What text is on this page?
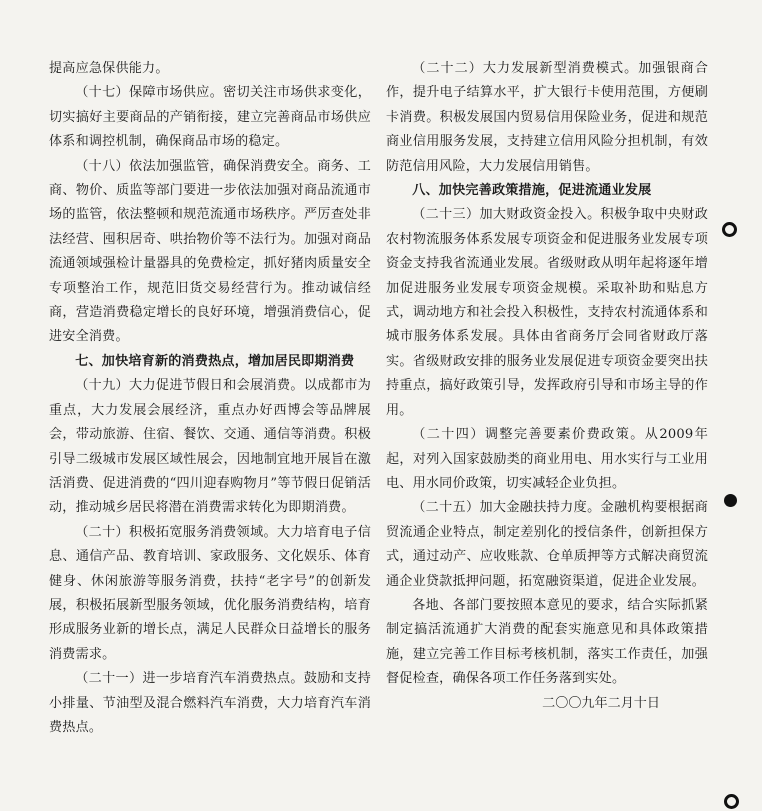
提高应急保供能力。

（十七）保障市场供应。密切关注市场供求变化，切实搞好主要商品的产销衔接，建立完善商品市场供应体系和调控机制，确保商品市场的稳定。

（十八）依法加强监管，确保消费安全。商务、工商、物价、质监等部门要进一步依法加强对商品流通市场的监管，依法整顿和规范流通市场秩序。严厉查处非法经营、囤积居奇、哄抬物价等不法行为。加强对商品流通领域强检计量器具的免费检定，抓好猪肉质量安全专项整治工作，规范旧货交易经营行为。推动诚信经商，营造消费稳定增长的良好环境，增强消费信心，促进安全消费。

七、加快培育新的消费热点，增加居民即期消费

（十九）大力促进节假日和会展消费。以成都市为重点，大力发展会展经济，重点办好西博会等品牌展会，带动旅游、住宿、餐饮、交通、通信等消费。积极引导二级城市发展区域性展会，因地制宜地开展旨在激活消费、促进消费的“四川迎春购物月”等节假日促销活动，推动城乡居民将潜在消费需求转化为即期消费。

（二十）积极拓宽服务消费领域。大力培育电子信息、通信产品、教育培训、家政服务、文化娱乐、体育健身、休闲旅游等服务消费，扶持“老字号”的创新发展，积极拓展新型服务领域，优化服务消费结构，培育形成服务业新的增长点，满足人民群众日益增长的服务消费需求。

（二十一）进一步培育汽车消费热点。鼓励和支持小排量、节油型及混合燃料汽车消费，大力培育汽车消费热点。

（二十二）大力发展新型消费模式。加强银商合作，提升电子结算水平，扩大银行卡使用范围，方便刷卡消费。积极发展国内贸易信用保险业务，促进和规范商业信用服务发展，支持建立信用风险分担机制，有效防范信用风险，大力发展信用销售。

八、加快完善政策措施，促进流通业发展

（二十三）加大财政资金投入。积极争取中央财政农村物流服务体系发展专项资金和促进服务业发展专项资金支持我省流通业发展。省级财政从明年起将逐年增加促进服务业发展专项资金规模。采取补助和贴息方式，调动地方和社会投入积极性，支持农村流通体系和城市服务体系发展。具体由省商务厅会同省财政厅落实。省级财政安排的服务业发展促进专项资金要突出扶持重点，搞好政策引导，发挥政府引导和市场主导的作用。

（二十四）调整完善要素价费政策。从2009年起，对列入国家鼓励类的商业用电、用水实行与工业用电、用水同价政策，切实减轻企业负担。

（二十五）加大金融扶持力度。金融机构要根据商贸流通企业特点，制定差别化的授信条件，创新担保方式，通过动产、应收账款、仓单质押等方式解决商贸流通企业贷款抵押问题，拓宽融资渠道，促进企业发展。

各地、各部门要按照本意见的要求，结合实际抓紧制定搞活流通扩大消费的配套实施意见和具体政策措施，建立完善工作目标考核机制，落实工作责任，加强督促检查，确保各项工作任务落到实处。

二〇〇九年二月十日
